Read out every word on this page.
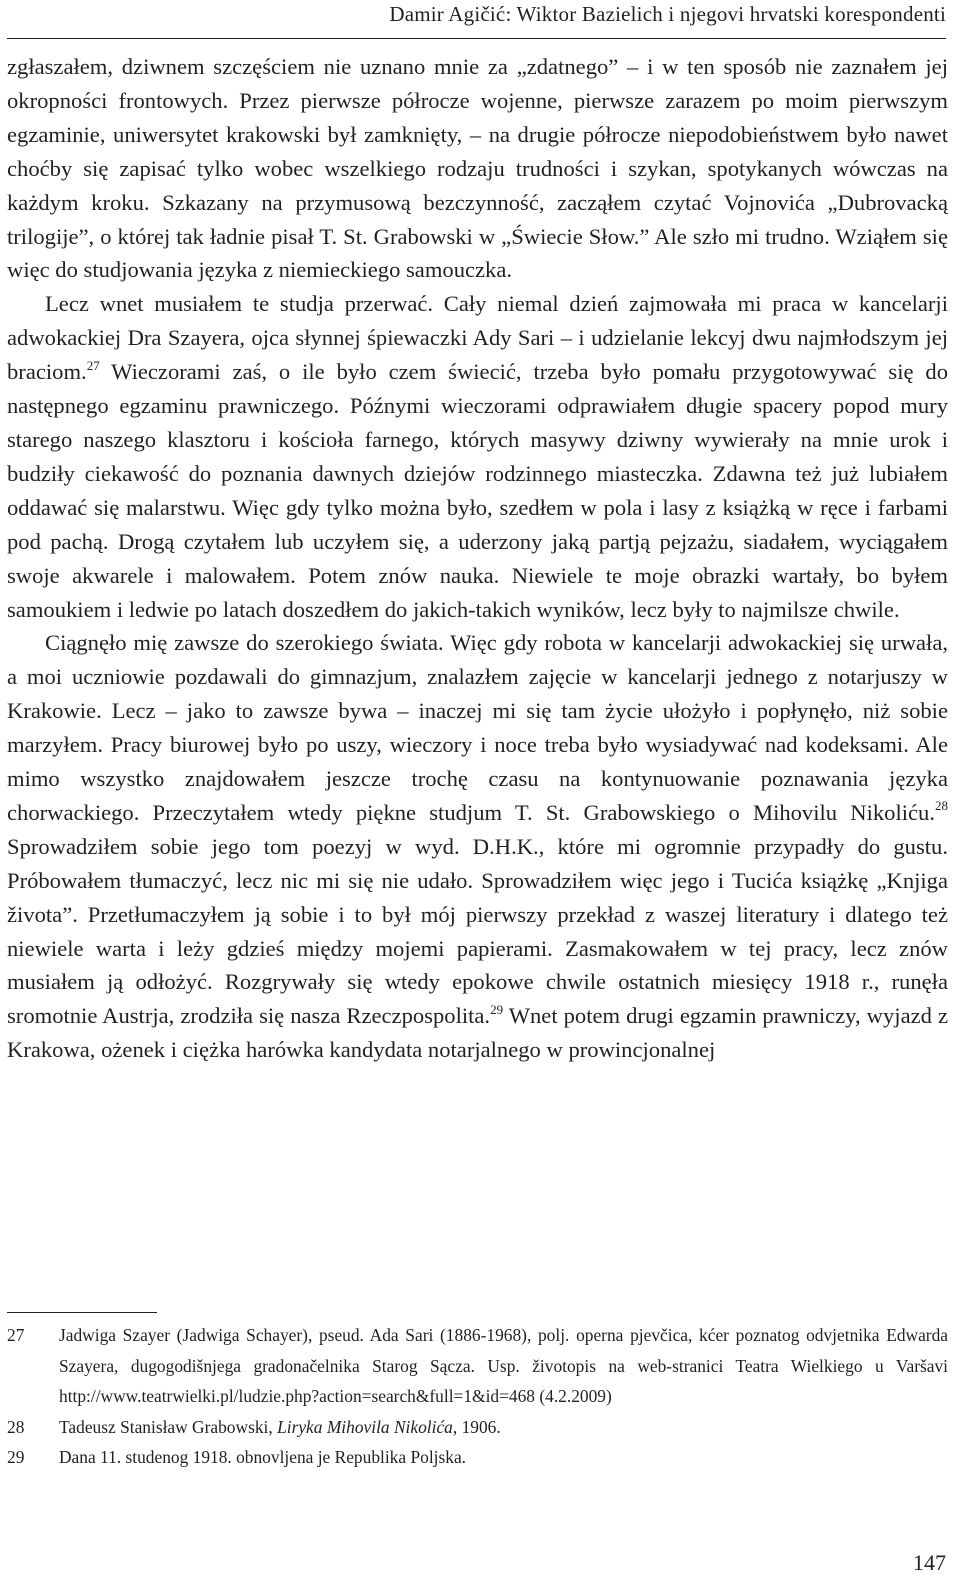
Damir Agičić: Wiktor Bazielich i njegovi hrvatski korespondenti

zgłaszałem, dziwnem szczęściem nie uznano mnie za „zdatnego” – i w ten sposób nie zaznałem jej okropności frontowych. Przez pierwsze półrocze wojenne, pierwsze zarazem po moim pierwszym egzaminie, uniwersytet krakowski był zamknięty, – na drugie półrocze niepodobieństwem było nawet choćby się zapisać tylko wobec wszelkiego rodzaju trudności i szykan, spotykanych wówczas na każdym kroku. Szkazany na przymusową bezczynność, zacząłem czytać Vojnovića „Dubrovacką trilogije”, o której tak ładnie pisał T. St. Grabowski w „Świecie Słow.” Ale szło mi trudno. Wziąłem się więc do studjowania języka z niemieckiego samouczka.

Lecz wnet musiałem te studja przerwać. Cały niemal dzień zajmowała mi praca w kancelarji adwokackiej Dra Szayera, ojca słynnej śpiewaczki Ady Sari – i udzielanie lekcyj dwu najmłodszym jej braciom.$^{27}$ Wieczorami zaś, o ile było czem świecić, trzeba było pomału przygotowywać się do następnego egzaminu prawniczego. Późnymi wieczorami odprawiałem długie spacery popod mury starego naszego klasztoru i kościoła farnego, których masywy dziwny wywierały na mnie urok i budziły ciekawość do poznania dawnych dziejów rodzinnego miasteczka. Zdawna też już lubiałem oddawać się malarstwu. Więc gdy tylko można było, szedłem w pola i lasy z książką w ręce i farbami pod pachą. Drogą czytałem lub uczyłem się, a uderzony jaką partją pejzażu, siadałem, wyciągałem swoje akwarele i malowałem. Potem znów nauka. Niewiele te moje obrazki wartały, bo byłem samoukiem i ledwie po latach doszedłem do jakich-takich wyników, lecz były to najmilsze chwile.

Ciągnęło mię zawsze do szerokiego świata. Więc gdy robota w kancelarji adwokackiej się urwała, a moi uczniowie pozdawali do gimnazjum, znalazłem zajęcie w kancelarji jednego z notarjuszy w Krakowie. Lecz – jako to zawsze bywa – inaczej mi się tam życie ułożyło i popłynęło, niż sobie marzyłem. Pracy biurowej było po uszy, wieczory i noce treba było wysiadywać nad kodeksami. Ale mimo wszystko znajdowałem jeszcze trochę czasu na kontynuowanie poznawania języka chorwackiego. Przeczytałem wtedy piękne studjum T. St. Grabowskiego o Mihovilu Nikoliću.$^{28}$ Sprowadziłem sobie jego tom poezyj w wyd. D.H.K., które mi ogromnie przypadły do gustu. Próbowałem tłumaczyć, lecz nic mi się nie udało. Sprowadziłem więc jego i Tucića książkę „Knjiga života”. Przetłumaczyłem ją sobie i to był mój pierwszy przekład z waszej literatury i dlatego też niewiele warta i leży gdzieś między mojemi papierami. Zasmakowałem w tej pracy, lecz znów musiałem ją odłożyć. Rozgrywały się wtedy epokowe chwile ostatnich miesięcy 1918 r., runęła sromotnie Austrja, zrodziła się nasza Rzeczpospolita.$^{29}$ Wnet potem drugi egzamin prawniczy, wyjazd z Krakowa, ożenek i ciężka harówka kandydata notarjalnego w prowincjonalnej

27	Jadwiga Szayer (Jadwiga Schayer), pseud. Ada Sari (1886-1968), polj. operna pjevčica, kćer poznatog odvjetnika Edwarda Szayera, dugogodišnjega gradonačelnika Starog Sącza. Usp. životopis na web-stranici Teatra Wielkiego u Varšavi http://www.teatrwielki.pl/ludzie.php?action=search&full=1&id=468 (4.2.2009)
28	Tadeusz Stanisław Grabowski, Liryka Mihovila Nikolića, 1906.
29	Dana 11. studenog 1918. obnovljena je Republika Poljska.
147
